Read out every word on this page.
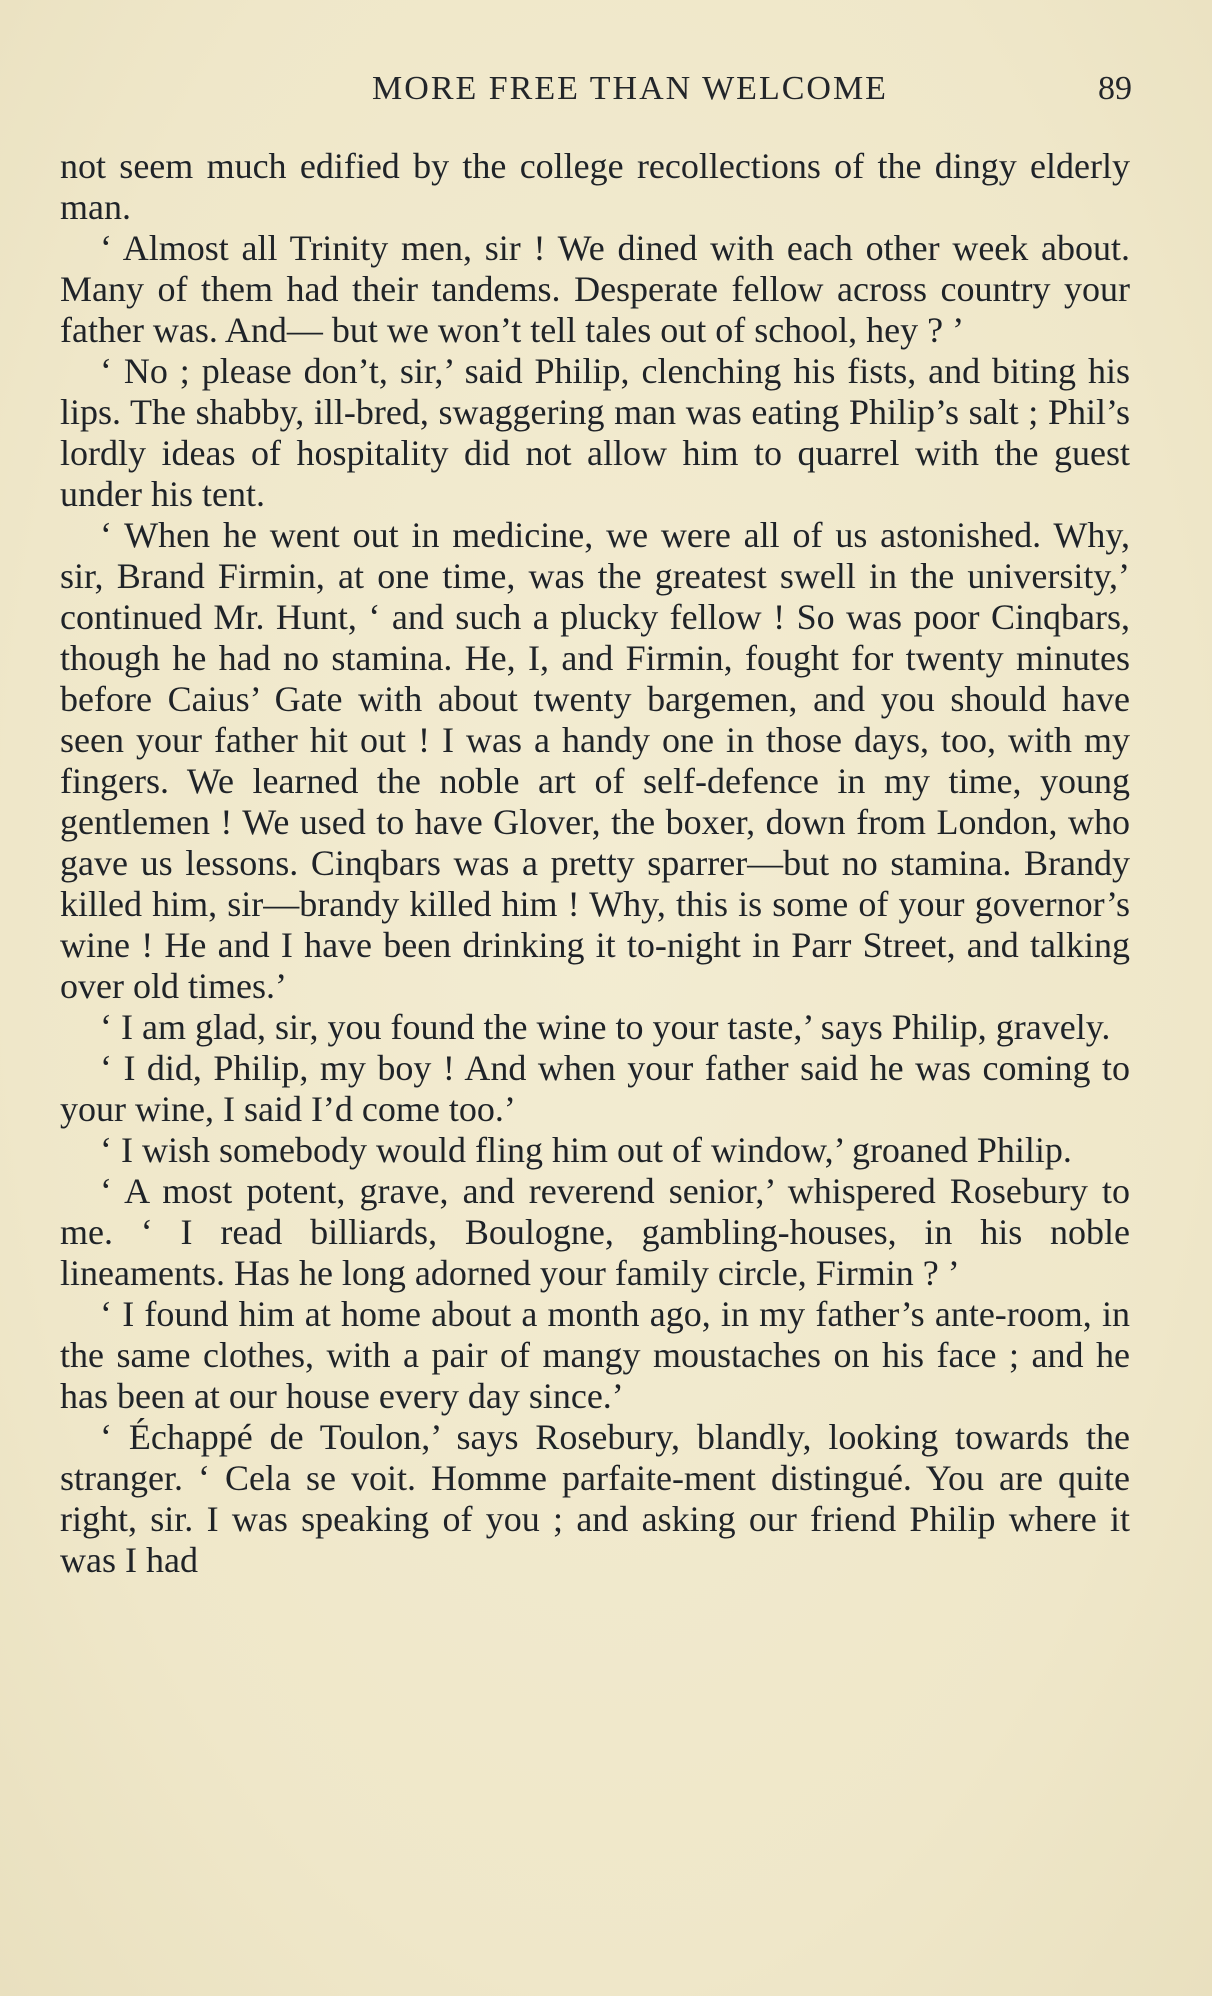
MORE FREE THAN WELCOME	89

not seem much edified by the college recollections of the dingy elderly man.

‘ Almost all Trinity men, sir ! We dined with each other week about. Many of them had their tandems. Desperate fellow across country your father was. And— but we won’t tell tales out of school, hey ? ’

‘ No ; please don’t, sir,’ said Philip, clenching his fists, and biting his lips. The shabby, ill-bred, swaggering man was eating Philip’s salt ; Phil’s lordly ideas of hospitality did not allow him to quarrel with the guest under his tent.

‘ When he went out in medicine, we were all of us astonished. Why, sir, Brand Firmin, at one time, was the greatest swell in the university,’ continued Mr. Hunt, ‘ and such a plucky fellow ! So was poor Cinqbars, though he had no stamina. He, I, and Firmin, fought for twenty minutes before Caius’ Gate with about twenty bargemen, and you should have seen your father hit out ! I was a handy one in those days, too, with my fingers. We learned the noble art of self-defence in my time, young gentlemen ! We used to have Glover, the boxer, down from London, who gave us lessons. Cinqbars was a pretty sparrer—but no stamina. Brandy killed him, sir—brandy killed him ! Why, this is some of your governor’s wine ! He and I have been drinking it to-night in Parr Street, and talking over old times.’

‘ I am glad, sir, you found the wine to your taste,’ says Philip, gravely.

‘ I did, Philip, my boy ! And when your father said he was coming to your wine, I said I’d come too.’

‘ I wish somebody would fling him out of window,’ groaned Philip.

‘ A most potent, grave, and reverend senior,’ whispered Rosebury to me. ‘ I read billiards, Boulogne, gambling-houses, in his noble lineaments. Has he long adorned your family circle, Firmin ? ’

‘ I found him at home about a month ago, in my father’s ante-room, in the same clothes, with a pair of mangy moustaches on his face ; and he has been at our house every day since.’

‘ Échappé de Toulon,’ says Rosebury, blandly, looking towards the stranger. ‘ Cela se voit. Homme parfaite-ment distingué. You are quite right, sir. I was speaking of you ; and asking our friend Philip where it was I had
